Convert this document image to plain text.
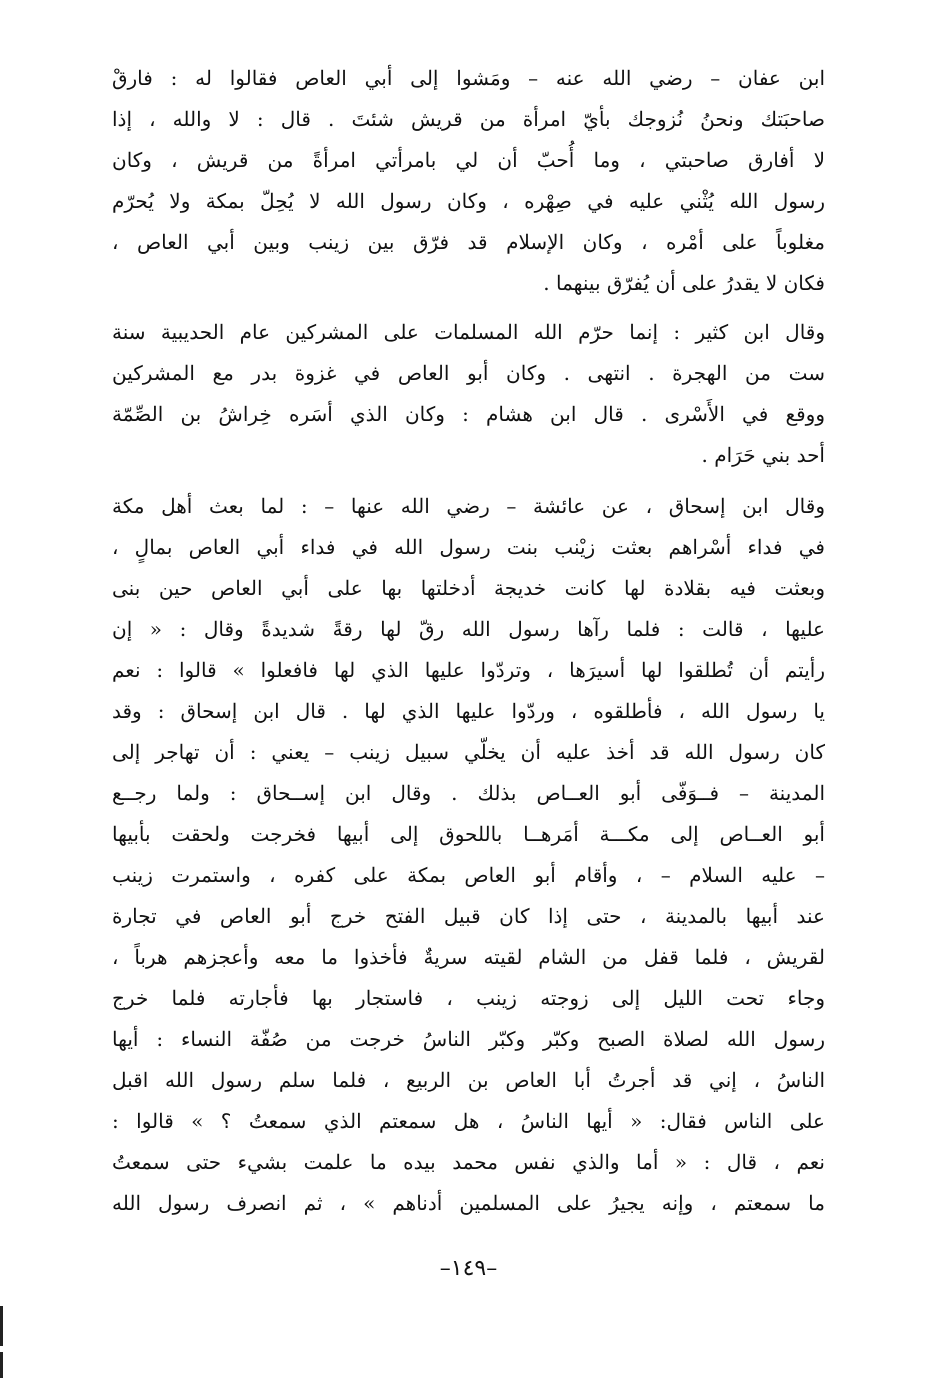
ابن عفان – رضي الله عنه – ومَشوا إلى أبي العاص فقالوا له : فارقْ
صاحبَتك ونحنُ نُزوجك بأيّ امرأة من قريش شئتَ . قال : لا والله ، إذا
لا أفارق صاحبتي ، وما أُحبّ أن لي بامرأتي امرأةً من قريش ، وكان
رسول الله يُثْني عليه في صِهْره ، وكان رسول الله لا يُحِلّ بمكة ولا يُحرّم
مغلوباً على أمْره ، وكان الإسلام قد فرّق بين زينب وبين أبي العاص ،
فكان لا يقدرُ على أن يُفرّق بينهما .
وقال ابن كثير : إنما حرّم الله المسلمات على المشركين عام الحديبية سنة
ست من الهجرة . انتهى . وكان أبو العاص في غزوة بدر مع المشركين
ووقع في الأَسْرى . قال ابن هشام : وكان الذي أسَره خِراشُ بن الصِّمّة
أحد بني حَرَام .
وقال ابن إسحاق ، عن عائشة – رضي الله عنها – : لما بعث أهل مكة
في فداء أسْراهم بعثت زيْنب بنت رسول الله في فداء أبي العاص بمالٍ ،
وبعثت فيه بقلادة لها كانت خديجة أدخلتها بها على أبي العاص حين بنى
عليها ، قالت : فلما رآها رسول الله رقّ لها رقةً شديدةً وقال : « إن
رأيتم أن تُطلقوا لها أسيرَها ، وتردّوا عليها الذي لها فافعلوا » قالوا : نعم
يا رسول الله ، فأطلقوه ، وردّوا عليها الذي لها . قال ابن إسحاق : وقد
كان رسول الله قد أخذ عليه أن يخلّي سبيل زينب – يعني : أن تهاجر إلى
المدينة – فــوَفّى أبو العــاص بذلك . وقال ابن إســحاق : ولما رجــع
أبو العــاص إلى مكـــة أمَرهــا باللحوق إلى أبيها فخرجت ولحقت بأبيها
– عليه السلام – ، وأقام أبو العاص بمكة على كفره ، واستمرت زينب
عند أبيها بالمدينة ، حتى إذا كان قبيل الفتح خرج أبو العاص في تجارة
لقريش ، فلما قفل من الشام لقيته سريةٌ فأخذوا ما معه وأعجزهم هرباً ،
وجاء تحت الليل إلى زوجته زينب ، فاستجار بها فأجارته فلما خرج
رسول الله لصلاة الصبح وكبّر وكبّر الناسُ خرجت من صُفّة النساء : أيها
الناسُ ، إني قد أجرتُ أبا العاص بن الربيع ، فلما سلم رسول الله اقبل
على الناس فقال: « أيها الناسُ ، هل سمعتم الذي سمعتُ ؟ » قالوا :
نعم ، قال : « أما والذي نفس محمد بيده ما علمت بشيء حتى سمعتُ
ما سمعتم ، وإنه يجيرُ على المسلمين أدناهم » ، ثم انصرف رسول الله
–١٤٩–
